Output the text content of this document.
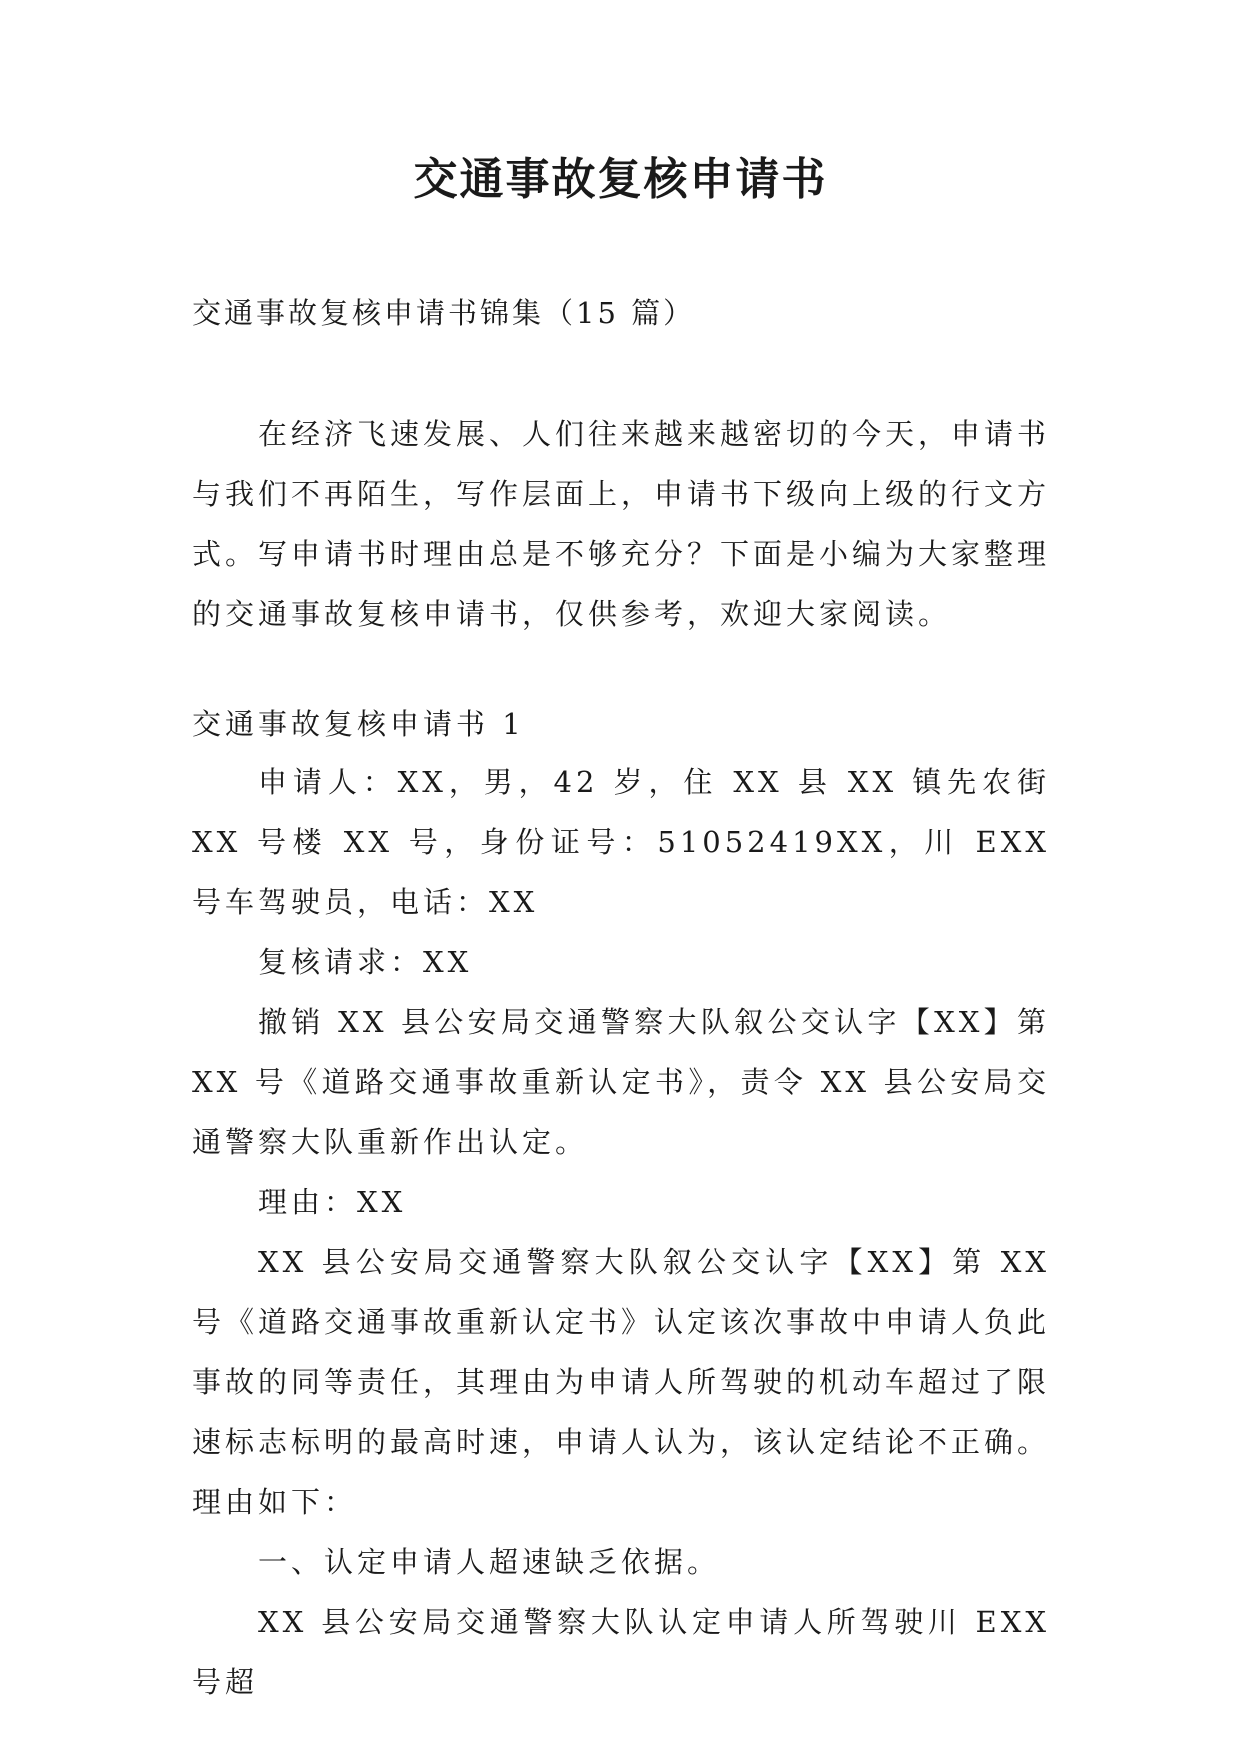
交通事故复核申请书

交通事故复核申请书锦集（15 篇）

在经济飞速发展、人们往来越来越密切的今天，申请书与我们不再陌生，写作层面上，申请书下级向上级的行文方式。写申请书时理由总是不够充分？下面是小编为大家整理的交通事故复核申请书，仅供参考，欢迎大家阅读。

交通事故复核申请书 1

申请人：XX，男，42 岁，住 XX 县 XX 镇先农街 XX 号楼 XX 号，身份证号：51052419XX，川 EXX 号车驾驶员，电话：XX

复核请求：XX

撤销 XX 县公安局交通警察大队叙公交认字【XX】第 XX 号《道路交通事故重新认定书》，责令 XX 县公安局交通警察大队重新作出认定。

理由：XX

XX 县公安局交通警察大队叙公交认字【XX】第 XX 号《道路交通事故重新认定书》认定该次事故中申请人负此事故的同等责任，其理由为申请人所驾驶的机动车超过了限速标志标明的最高时速，申请人认为，该认定结论不正确。理由如下：

一、认定申请人超速缺乏依据。

XX 县公安局交通警察大队认定申请人所驾驶川 EXX 号超
